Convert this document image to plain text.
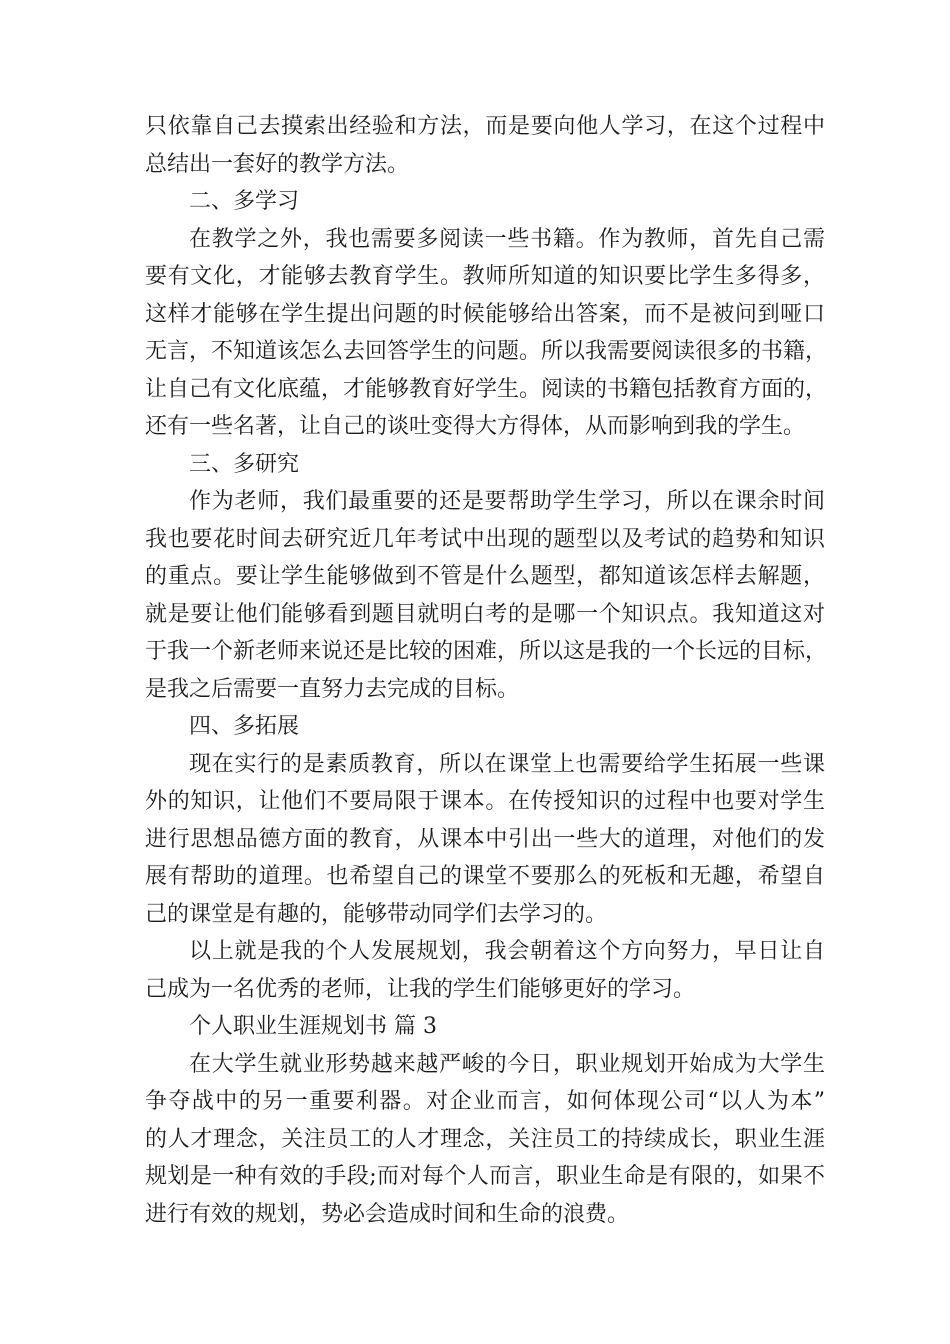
只依靠自己去摸索出经验和方法，而是要向他人学习，在这个过程中
总结出一套好的教学方法。
二、多学习
在教学之外，我也需要多阅读一些书籍。作为教师，首先自己需
要有文化，才能够去教育学生。教师所知道的知识要比学生多得多，
这样才能够在学生提出问题的时候能够给出答案，而不是被问到哑口
无言，不知道该怎么去回答学生的问题。所以我需要阅读很多的书籍，
让自己有文化底蕴，才能够教育好学生。阅读的书籍包括教育方面的，
还有一些名著，让自己的谈吐变得大方得体，从而影响到我的学生。
三、多研究
作为老师，我们最重要的还是要帮助学生学习，所以在课余时间
我也要花时间去研究近几年考试中出现的题型以及考试的趋势和知识
的重点。要让学生能够做到不管是什么题型，都知道该怎样去解题，
就是要让他们能够看到题目就明白考的是哪一个知识点。我知道这对
于我一个新老师来说还是比较的困难，所以这是我的一个长远的目标，
是我之后需要一直努力去完成的目标。
四、多拓展
现在实行的是素质教育，所以在课堂上也需要给学生拓展一些课
外的知识，让他们不要局限于课本。在传授知识的过程中也要对学生
进行思想品德方面的教育，从课本中引出一些大的道理，对他们的发
展有帮助的道理。也希望自己的课堂不要那么的死板和无趣，希望自
己的课堂是有趣的，能够带动同学们去学习的。
以上就是我的个人发展规划，我会朝着这个方向努力，早日让自
己成为一名优秀的老师，让我的学生们能够更好的学习。
个人职业生涯规划书 篇 3
在大学生就业形势越来越严峻的今日，职业规划开始成为大学生
争夺战中的另一重要利器。对企业而言，如何体现公司“以人为本”
的人才理念，关注员工的人才理念，关注员工的持续成长，职业生涯
规划是一种有效的手段;而对每个人而言，职业生命是有限的，如果不
进行有效的规划，势必会造成时间和生命的浪费。
